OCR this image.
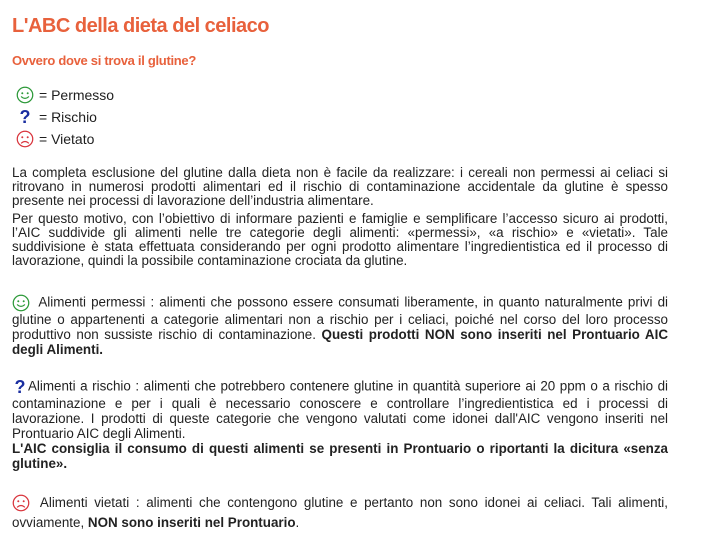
L'ABC della dieta del celiaco
Ovvero dove si trova il glutine?
= Permesso
? = Rischio
= Vietato
La completa esclusione del glutine dalla dieta non è facile da realizzare: i cereali non permessi ai celiaci si ritrovano in numerosi prodotti alimentari ed il rischio di contaminazione accidentale da glutine è spesso presente nei processi di lavorazione dell’industria alimentare.
Per questo motivo, con l’obiettivo di informare pazienti e famiglie e semplificare l’accesso sicuro ai prodotti, l’AIC suddivide gli alimenti nelle tre categorie degli alimenti: «permessi», «a rischio» e «vietati». Tale suddivisione è stata effettuata considerando per ogni prodotto alimentare l’ingredientistica ed il processo di lavorazione, quindi la possibile contaminazione crociata da glutine.
Alimenti permessi : alimenti che possono essere consumati liberamente, in quanto naturalmente privi di glutine o appartenenti a categorie alimentari non a rischio per i celiaci, poiché nel corso del loro processo produttivo non sussiste rischio di contaminazione. Questi prodotti NON sono inseriti nel Prontuario AIC degli Alimenti.
? Alimenti a rischio : alimenti che potrebbero contenere glutine in quantità superiore ai 20 ppm o a rischio di contaminazione e per i quali è necessario conoscere e controllare l’ingredientistica ed i processi di lavorazione. I prodotti di queste categorie che vengono valutati come idonei dall'AIC vengono inseriti nel Prontuario AIC degli Alimenti.
L'AIC consiglia il consumo di questi alimenti se presenti in Prontuario o riportanti la dicitura «senza glutine».
Alimenti vietati : alimenti che contengono glutine e pertanto non sono idonei ai celiaci. Tali alimenti, ovviamente, NON sono inseriti nel Prontuario.
